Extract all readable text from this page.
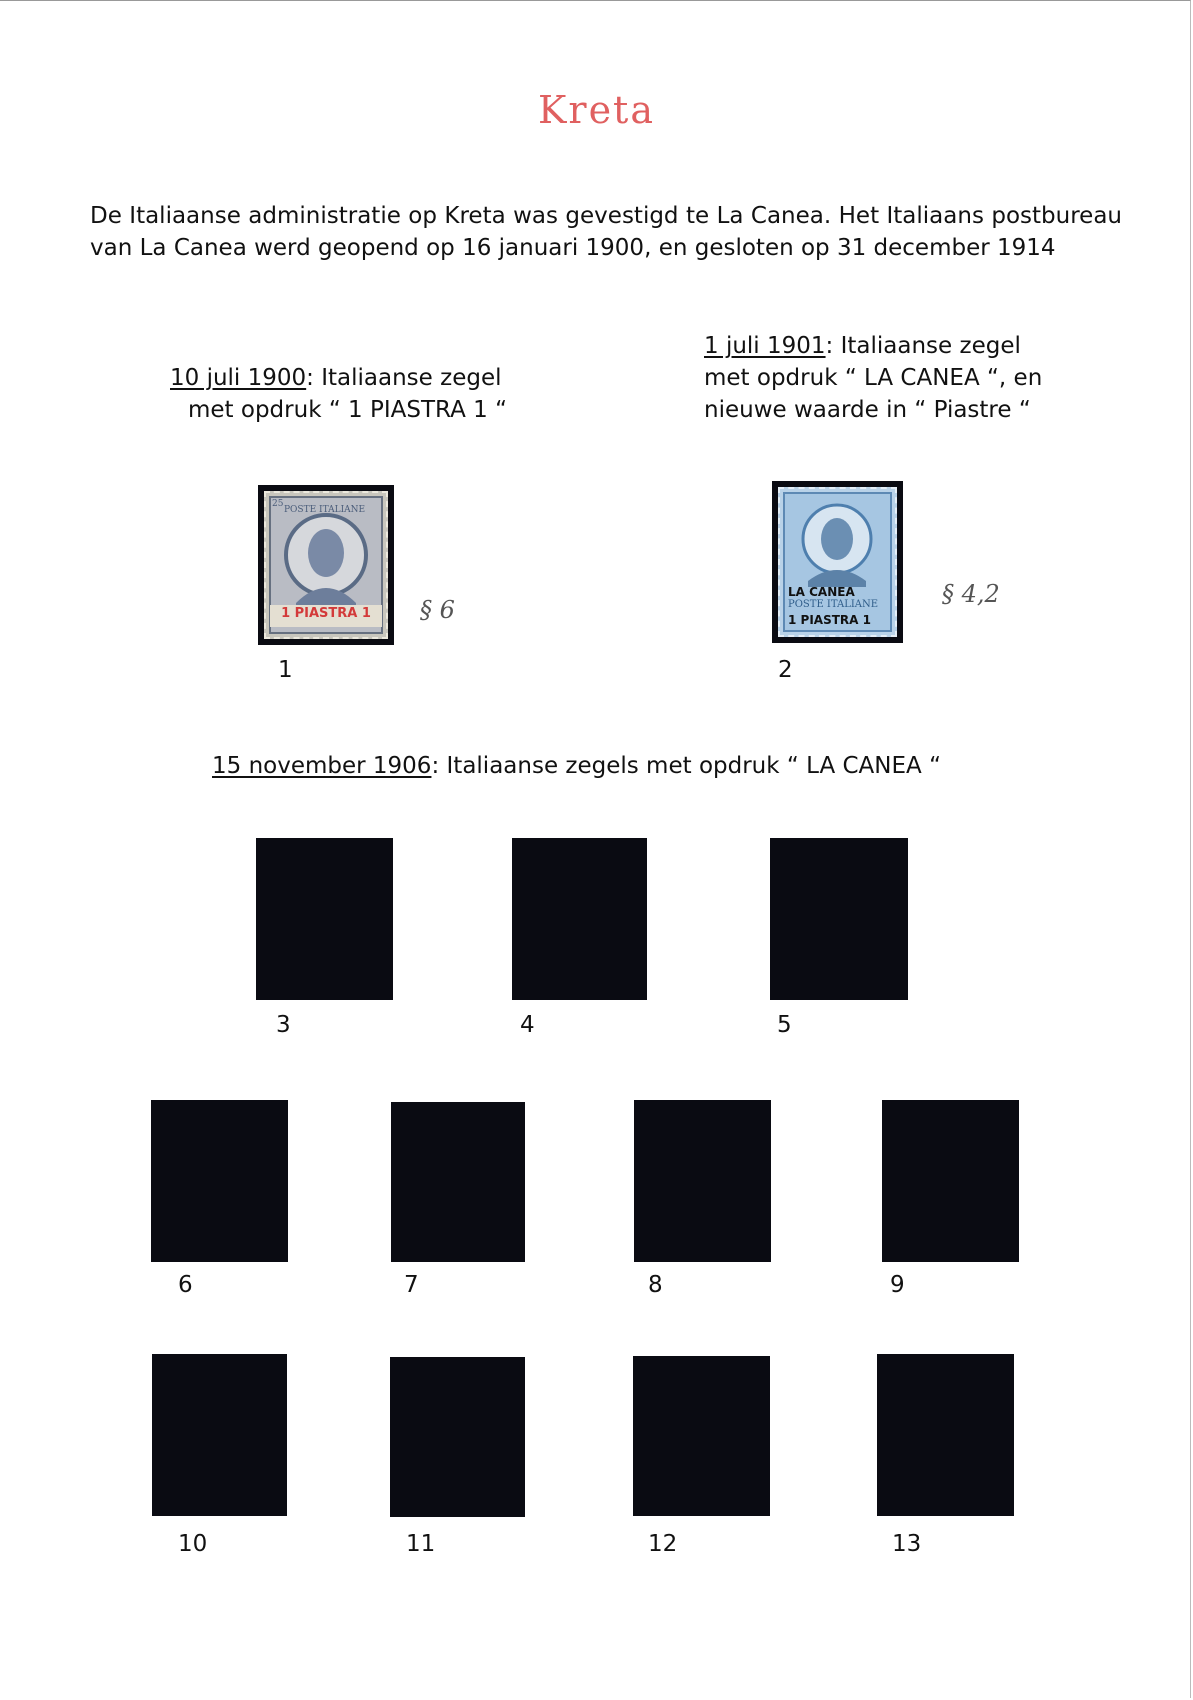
Kreta
De Italiaanse administratie op Kreta was gevestigd te La Canea. Het Italiaans postbureau van La Canea werd geopend op 16 januari 1900, en gesloten op 31 december 1914
10 juli 1900: Italiaanse zegel
met opdruk “ 1 PIASTRA 1 “
1 juli 1901: Italiaanse zegel
met opdruk “ LA CANEA “, en
nieuwe waarde in “ Piastre “
25
POSTE ITALIANE
1 PIASTRA 1	§ 6
1
LA CANEA
POSTE ITALIANE
1 PIASTRA 1
§ 4,2
2
15 november 1906: Italiaanse zegels met opdruk “ LA CANEA “
3	4	5
6	7	8	9
10	11	12	13
